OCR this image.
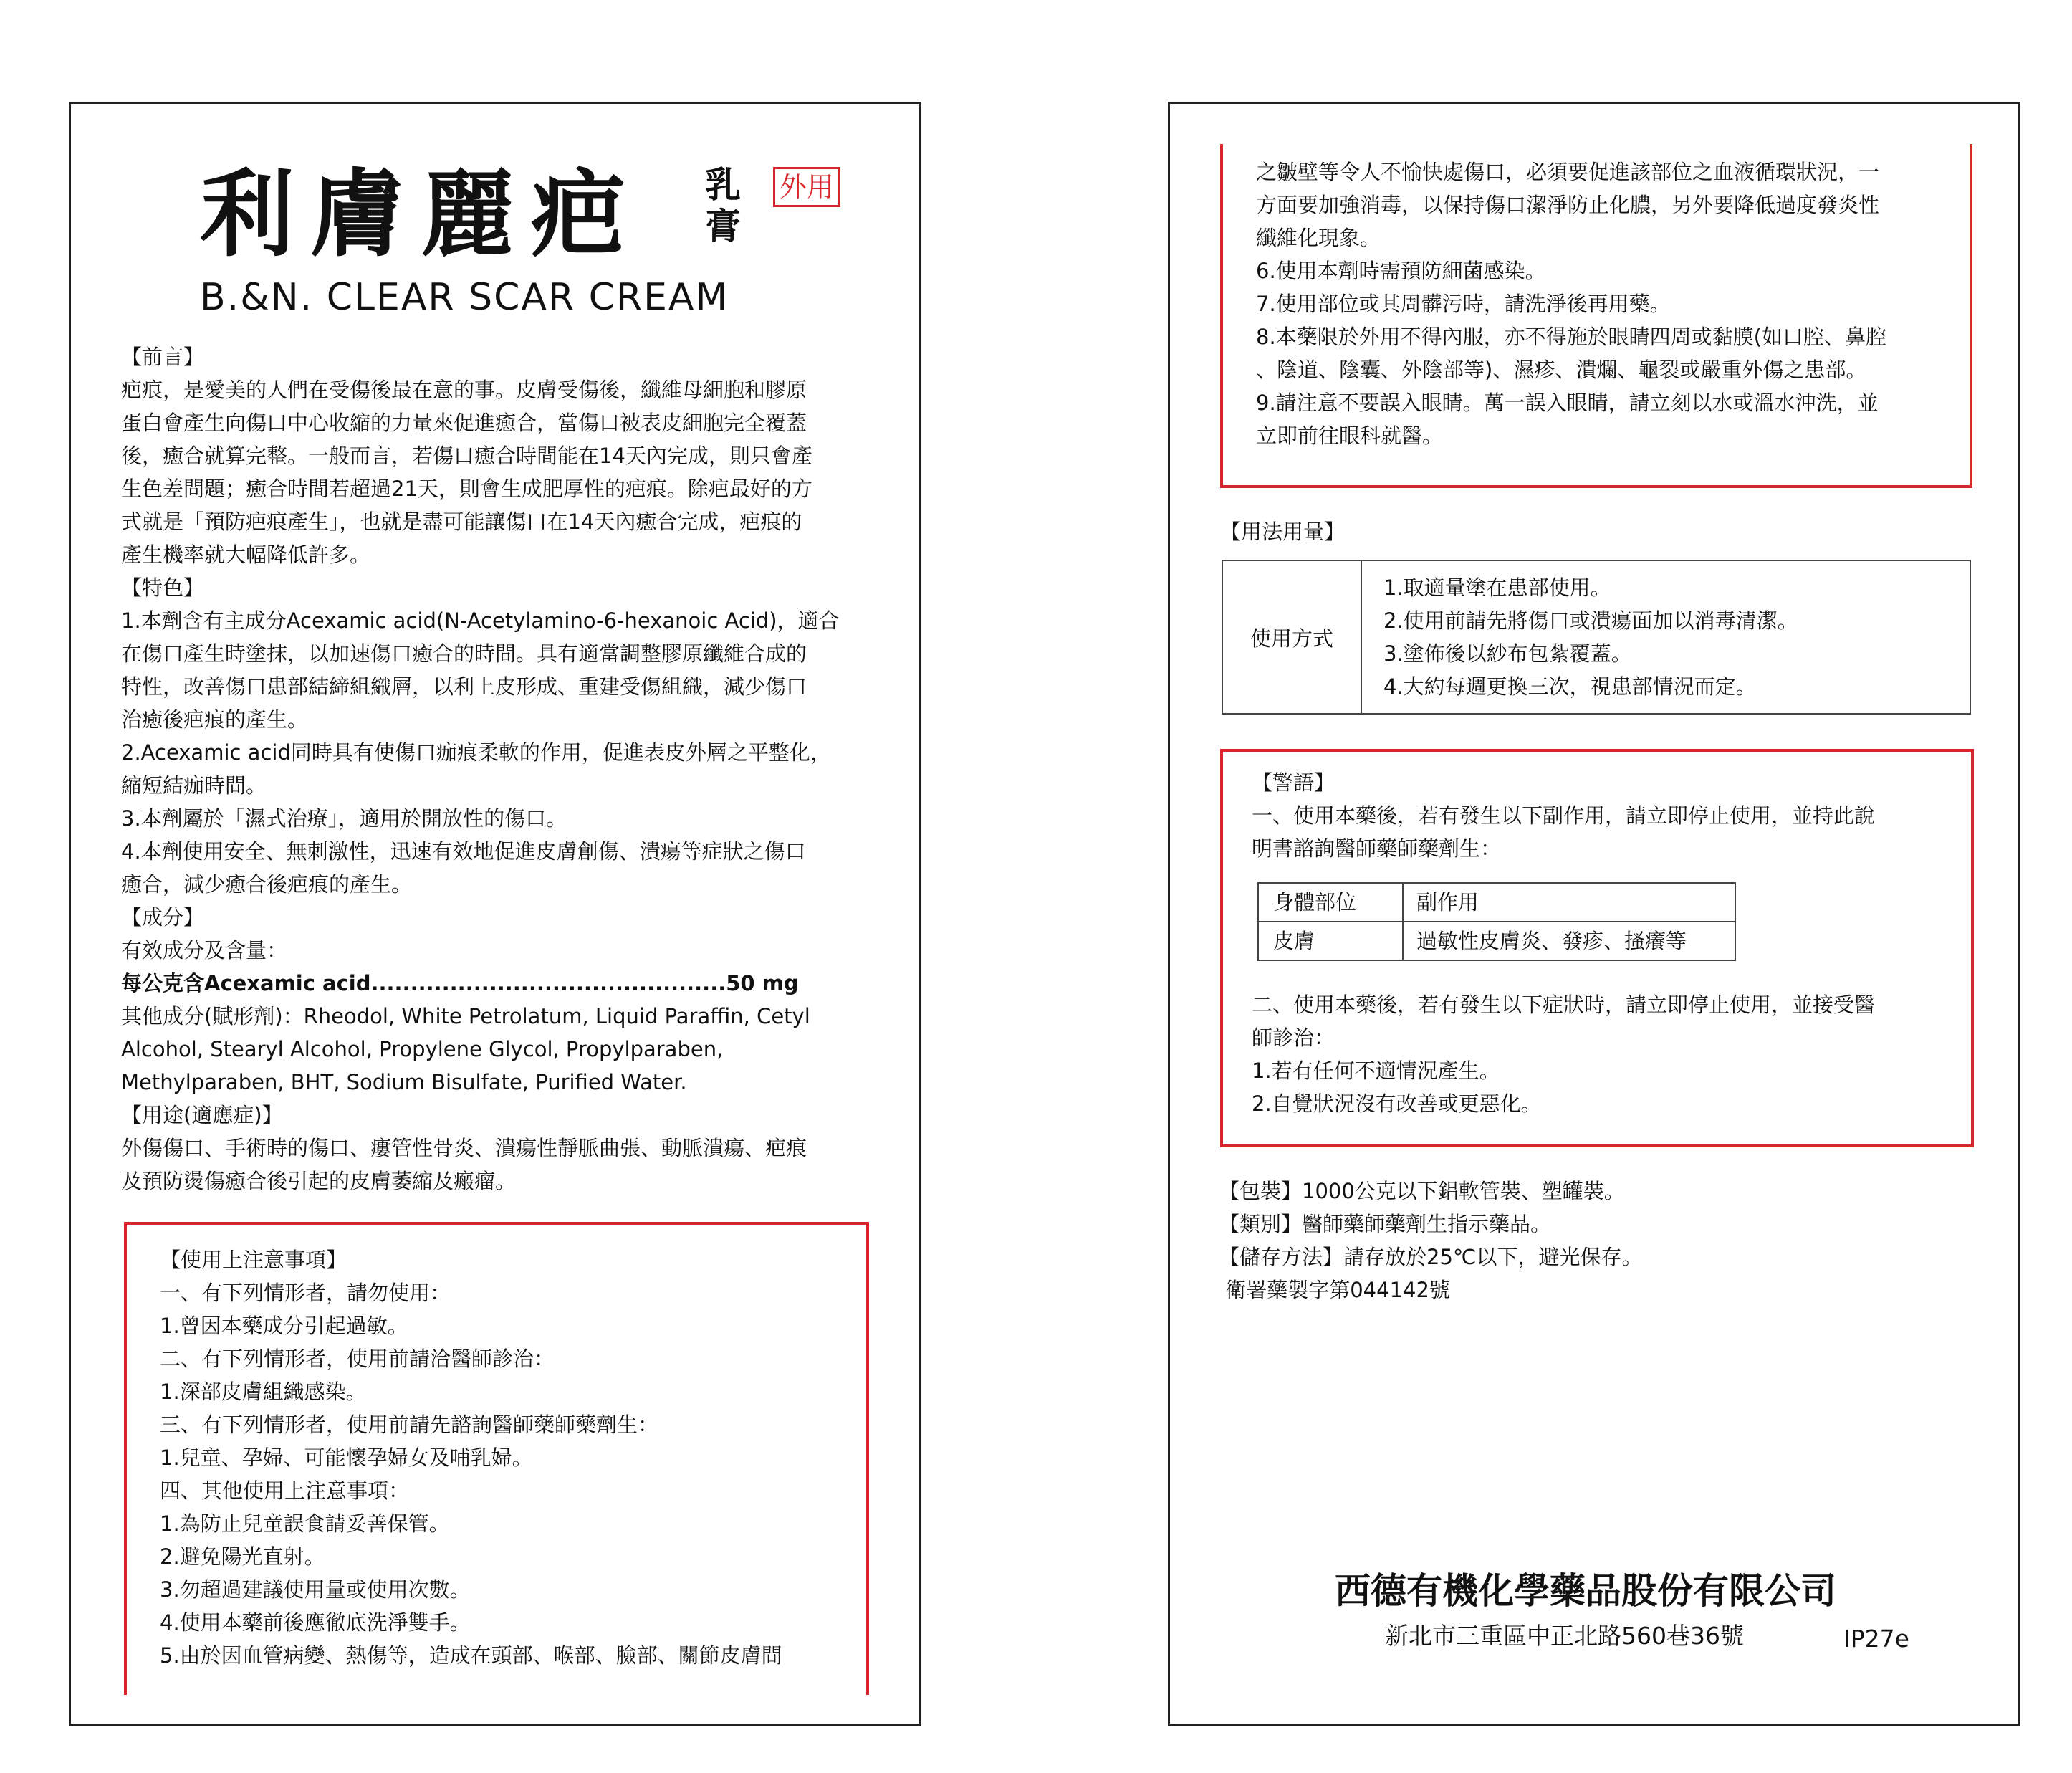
利膚麗疤 乳
膏
外用
B.&N. CLEAR SCAR CREAM

【前言】

疤痕，是愛美的人們在受傷後最在意的事。皮膚受傷後，纖維母細胞和膠原

蛋白會產生向傷口中心收縮的力量來促進癒合，當傷口被表皮細胞完全覆蓋

後，癒合就算完整。一般而言，若傷口癒合時間能在14天內完成，則只會產

生色差問題；癒合時間若超過21天，則會生成肥厚性的疤痕。除疤最好的方

式就是「預防疤痕產生」，也就是盡可能讓傷口在14天內癒合完成，疤痕的

產生機率就大幅降低許多。

【特色】

1.本劑含有主成分Acexamic acid(N-Acetylamino-6-hexanoic Acid)，適合

在傷口產生時塗抹，以加速傷口癒合的時間。具有適當調整膠原纖維合成的

特性，改善傷口患部結締組織層，以利上皮形成、重建受傷組織，減少傷口

治癒後疤痕的產生。

2.Acexamic acid同時具有使傷口痂痕柔軟的作用，促進表皮外層之平整化，

縮短結痂時間。

3.本劑屬於「濕式治療」，適用於開放性的傷口。

4.本劑使用安全、無刺激性，迅速有效地促進皮膚創傷、潰瘍等症狀之傷口

癒合，減少癒合後疤痕的產生。

【成分】

有效成分及含量：

每公克含Acexamic acid.............................................50 mg

其他成分(賦形劑)：Rheodol, White Petrolatum, Liquid Paraffin, Cetyl

Alcohol, Stearyl Alcohol, Propylene Glycol, Propylparaben,

Methylparaben, BHT, Sodium Bisulfate, Purified Water.

【用途(適應症)】

外傷傷口、手術時的傷口、瘻管性骨炎、潰瘍性靜脈曲張、動脈潰瘍、疤痕

及預防燙傷癒合後引起的皮膚萎縮及瘢瘤。

【使用上注意事項】

一、有下列情形者，請勿使用：

1.曾因本藥成分引起過敏。

二、有下列情形者，使用前請洽醫師診治：

1.深部皮膚組織感染。

三、有下列情形者，使用前請先諮詢醫師藥師藥劑生：

1.兒童、孕婦、可能懷孕婦女及哺乳婦。

四、其他使用上注意事項：

1.為防止兒童誤食請妥善保管。

2.避免陽光直射。

3.勿超過建議使用量或使用次數。

4.使用本藥前後應徹底洗淨雙手。

5.由於因血管病變、熱傷等，造成在頭部、喉部、臉部、關節皮膚間

之皺壁等令人不愉快處傷口，必須要促進該部位之血液循環狀況，一

方面要加強消毒，以保持傷口潔淨防止化膿，另外要降低過度發炎性

纖維化現象。

6.使用本劑時需預防細菌感染。

7.使用部位或其周髒污時，請洗淨後再用藥。

8.本藥限於外用不得內服，亦不得施於眼睛四周或黏膜(如口腔、鼻腔

、陰道、陰囊、外陰部等)、濕疹、潰爛、龜裂或嚴重外傷之患部。

9.請注意不要誤入眼睛。萬一誤入眼睛，請立刻以水或溫水沖洗，並

立即前往眼科就醫。

【用法用量】
使用方式	
1.取適量塗在患部使用。
2.使用前請先將傷口或潰瘍面加以消毒清潔。
3.塗佈後以紗布包紮覆蓋。
4.大約每週更換三次，視患部情況而定。

【警語】

一、使用本藥後，若有發生以下副作用，請立即停止使用，並持此說

明書諮詢醫師藥師藥劑生：

身體部位	副作用
皮膚	過敏性皮膚炎、發疹、搔癢等

二、使用本藥後，若有發生以下症狀時，請立即停止使用，並接受醫

師診治：

1.若有任何不適情況產生。

2.自覺狀況沒有改善或更惡化。

【包裝】1000公克以下鋁軟管裝、塑罐裝。

【類別】醫師藥師藥劑生指示藥品。

【儲存方法】請存放於25℃以下，避光保存。

衛署藥製字第044142號

西德有機化學藥品股份有限公司
新北市三重區中正北路560巷36號	IP27e
